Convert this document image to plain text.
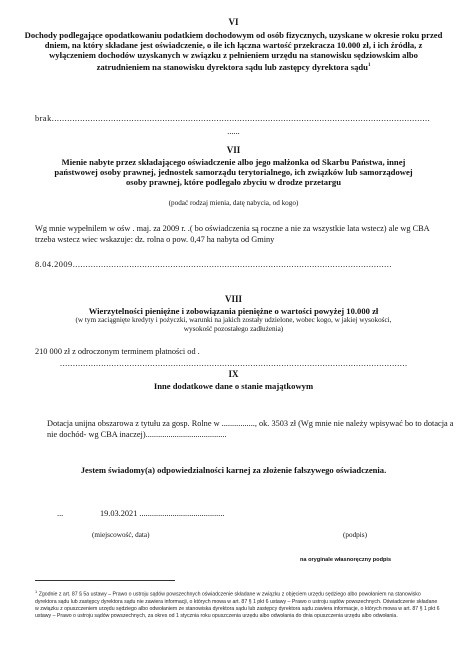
VI
Dochody podlegające opodatkowaniu podatkiem dochodowym od osób fizycznych, uzyskane w okresie roku przed dniem, na który składane jest oświadczenie, o ile ich łączna wartość przekracza 10.000 zł, i ich źródła, z wyłączeniem dochodów uzyskanych w związku z pełnieniem urzędu na stanowisku sędziowskim albo zatrudnieniem na stanowisku dyrektora sądu lub zastępcy dyrektora sądu$^1$
brak...................................................................................................................................................
......
VII
Mienie nabyte przez składającego oświadczenie albo jego małżonka od Skarbu Państwa, innej państwowej osoby prawnej, jednostek samorządu terytorialnego, ich związków lub samorządowej osoby prawnej, które podlegało zbyciu w drodze przetargu
(podać rodzaj mienia, datę nabycia, od kogo)
Wg mnie wypełnilem w ośw . maj. za 2009 r. .( bo oświadczenia są roczne a nie za wszystkie lata wstecz) ale wg CBA trzeba wstecz wiec wskazuje: dz. rolna o pow. 0,47 ha nabyta od Gminy
8.04.2009............................................................................................................................
VIII
Wierzytelności pieniężne i zobowiązania pieniężne o wartości powyżej 10.000 zł
(w tym zaciągnięte kredyty i pożyczki, warunki na jakich zostały udzielone, wobec kogo, w jakiej wysokości, wysokość pozostałego zadłużenia)
210 000 zł z odroczonym terminem płatności od .
.......................................................................................................................................
IX
Inne dodatkowe dane o stanie majątkowym
Dotacja unijna obszarowa z tytułu za gosp. Rolne w ................, ok. 3503 zł (Wg mnie nie należy wpisywać bo to dotacja a nie dochód- wg CBA inaczej).......................................
Jestem świadomy(a) odpowiedzialności karnej za złożenie fałszywego oświadczenia.
...	19.03.2021 .........................................
(miejscowość, data)	(podpis)
na oryginale własnoręczny podpis
$^1$ Zgodnie z art. 87 § 5a ustawy – Prawo o ustroju sądów powszechnych oświadczenie składane w związku z objęciem urzędu sędziego albo powołaniem na stanowisko dyrektora sądu lub zastępcy dyrektora sądu nie zawiera informacji, o których mowa w art. 87 § 1 pkt 6 ustawy – Prawo o ustroju sądów powszechnych. Oświadczenie składane w związku z opuszczeniem urzędu sędziego albo odwołaniem ze stanowiska dyrektora sądu lub zastępcy dyrektora sądu zawiera informacje, o których mowa w art. 87 § 1 pkt 6 ustawy – Prawo o ustroju sądów powszechnych, za okres od 1 stycznia roku opuszczenia urzędu albo odwołania do dnia opuszczenia urzędu albo odwołania.
